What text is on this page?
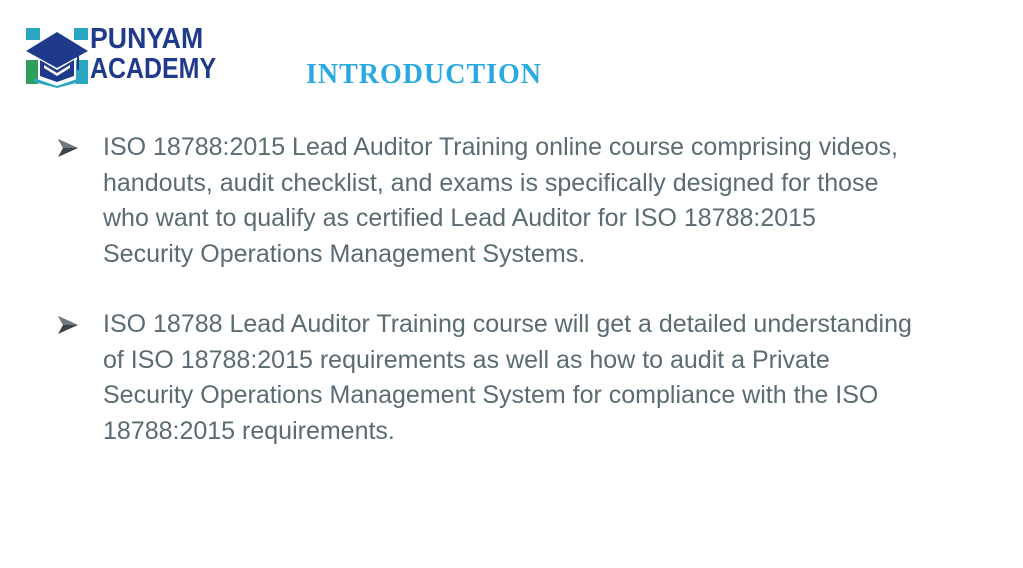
PUNYAM
ACADEMY introduction
ISO 18788:2015 Lead Auditor Training online course comprising videos,
handouts, audit checklist, and exams is specifically designed for those
who want to qualify as certified Lead Auditor for ISO 18788:2015
Security Operations Management Systems.
ISO 18788 Lead Auditor Training course will get a detailed understanding
of ISO 18788:2015 requirements as well as how to audit a Private
Security Operations Management System for compliance with the ISO
18788:2015 requirements.
